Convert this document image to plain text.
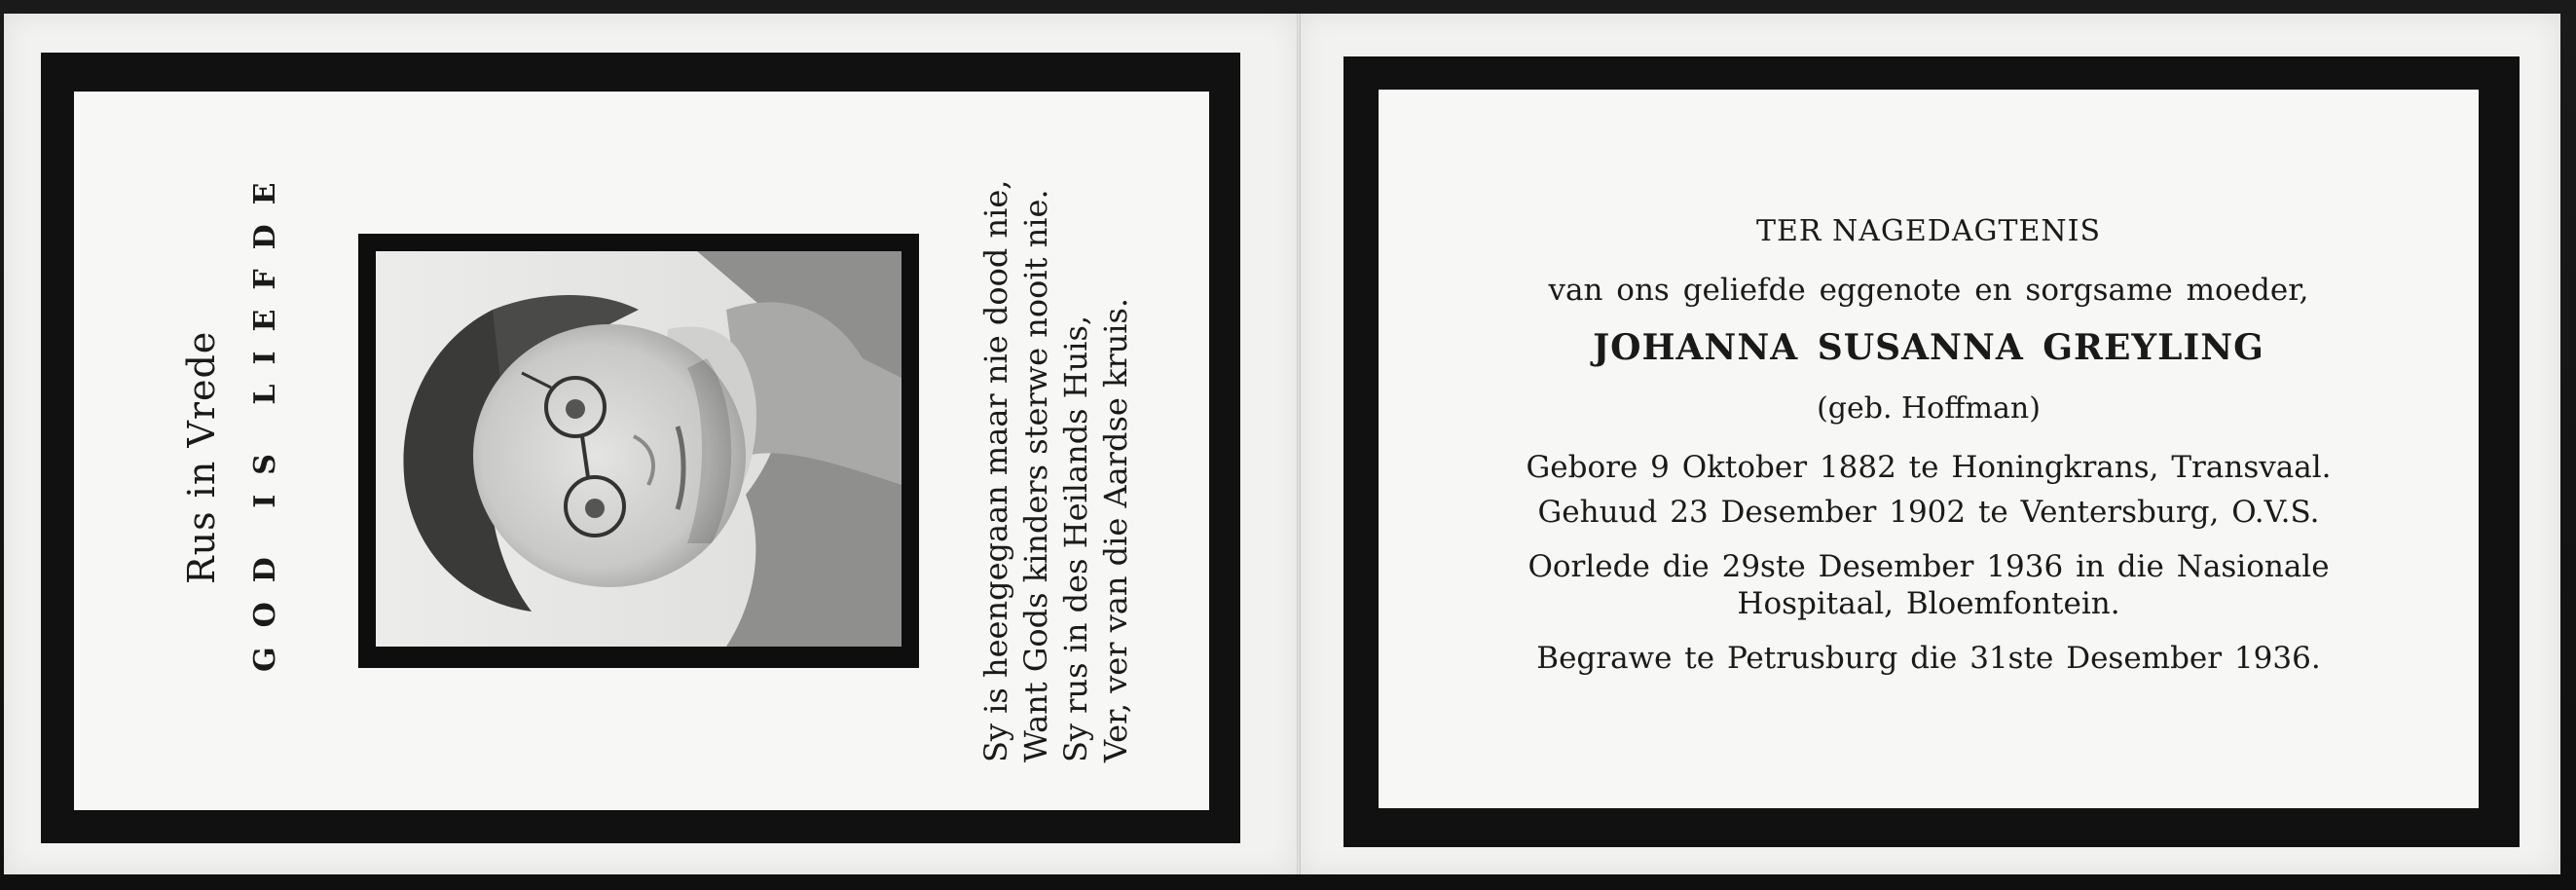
Rus in Vrede GOD IS LIEFDE	Sy is heengegaan maar nie dood nie, Want Gods kinders sterwe nooit nie. Sy rus in des Heilands Huis, Ver, ver van die Aardse kruis.
TER NAGEDAGTENIS
van ons geliefde eggenote en sorgsame moeder,
JOHANNA SUSANNA GREYLING
(geb. Hoffman)
Gebore 9 Oktober 1882 te Honingkrans, Transvaal.
Gehuud 23 Desember 1902 te Ventersburg, O.V.S.
Oorlede die 29ste Desember 1936 in die Nasionale
Hospitaal, Bloemfontein.
Begrawe te Petrusburg die 31ste Desember 1936.
